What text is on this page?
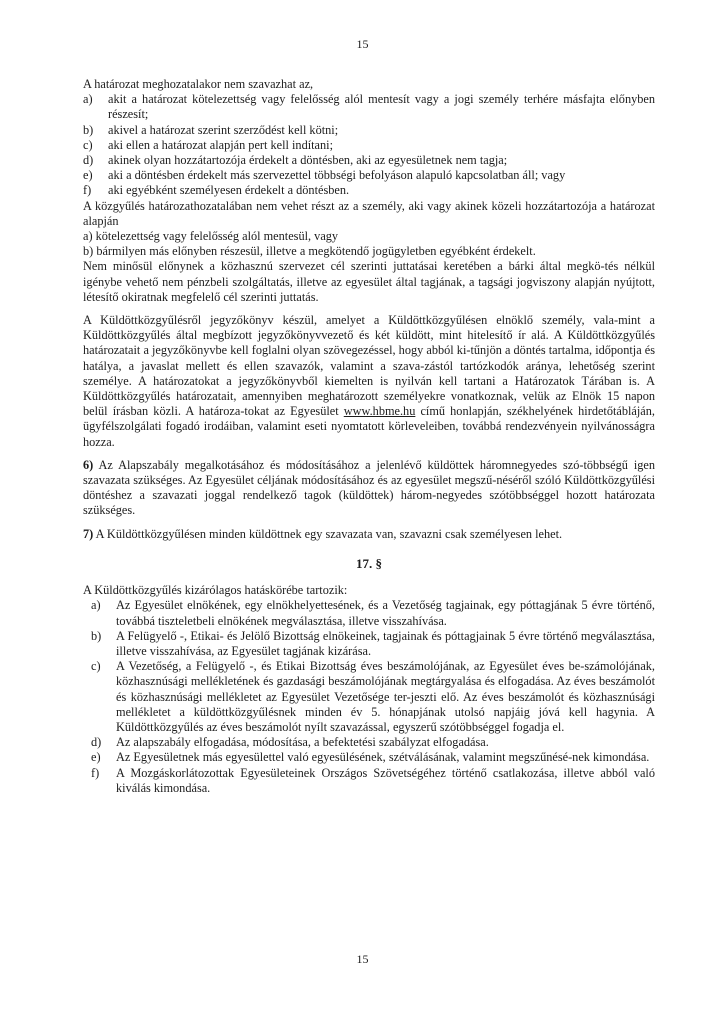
15

A határozat meghozatalakor nem szavazhat az,

a)	akit a határozat kötelezettség vagy felelősség alól mentesít vagy a jogi személy terhére másfajta előnyben részesít;
b)	akivel a határozat szerint szerződést kell kötni;
c)	aki ellen a határozat alapján pert kell indítani;
d)	akinek olyan hozzátartozója érdekelt a döntésben, aki az egyesületnek nem tagja;
e)	aki a döntésben érdekelt más szervezettel többségi befolyáson alapuló kapcsolatban áll; vagy
f)	aki egyébként személyesen érdekelt a döntésben.

A közgyűlés határozathozatalában nem vehet részt az a személy, aki vagy akinek közeli hozzátartozója a határozat alapján

a) kötelezettség vagy felelősség alól mentesül, vagy

b) bármilyen más előnyben részesül, illetve a megkötendő jogügyletben egyébként érdekelt.

Nem minősül előnynek a közhasznú szervezet cél szerinti juttatásai keretében a bárki által megkö-tés nélkül igénybe vehető nem pénzbeli szolgáltatás, illetve az egyesület által tagjának, a tagsági jogviszony alapján nyújtott, létesítő okiratnak megfelelő cél szerinti juttatás.

A Küldöttközgyűlésről jegyzőkönyv készül, amelyet a Küldöttközgyűlésen elnöklő személy, vala-mint a Küldöttközgyűlés által megbízott jegyzőkönyvvezető és két küldött, mint hitelesítő ír alá. A Küldöttközgyűlés határozatait a jegyzőkönyvbe kell foglalni olyan szövegezéssel, hogy abból ki-tűnjön a döntés tartalma, időpontja és hatálya, a javaslat mellett és ellen szavazók, valamint a szava-zástól tartózkodók aránya, lehetőség szerint személye. A határozatokat a jegyzőkönyvből kiemelten is nyilván kell tartani a Határozatok Tárában is. A Küldöttközgyűlés határozatait, amennyiben meghatározott személyekre vonatkoznak, velük az Elnök 15 napon belül írásban közli. A határoza-tokat az Egyesület www.hbme.hu című honlapján, székhelyének hirdetőtábláján, ügyfélszolgálati fogadó irodáiban, valamint eseti nyomtatott körleveleiben, továbbá rendezvényein nyilvánosságra hozza.

6) Az Alapszabály megalkotásához és módosításához a jelenlévő küldöttek háromnegyedes szó-többségű igen szavazata szükséges. Az Egyesület céljának módosításához és az egyesület megszű-néséről szóló Küldöttközgyűlési döntéshez a szavazati joggal rendelkező tagok (küldöttek) három-negyedes szótöbbséggel hozott határozata szükséges.

7) A Küldöttközgyűlésen minden küldöttnek egy szavazata van, szavazni csak személyesen lehet.

17. §

A Küldöttközgyűlés kizárólagos hatáskörébe tartozik:

a)	Az Egyesület elnökének, egy elnökhelyettesének, és a Vezetőség tagjainak, egy póttagjának 5 évre történő, továbbá tiszteletbeli elnökének megválasztása, illetve visszahívása.
b)	A Felügyelő -, Etikai- és Jelölő Bizottság elnökeinek, tagjainak és póttagjainak 5 évre történő megválasztása, illetve visszahívása, az Egyesület tagjának kizárása.
c)	A Vezetőség, a Felügyelő -, és Etikai Bizottság éves beszámolójának, az Egyesület éves be-számolójának, közhasznúsági mellékletének és gazdasági beszámolójának megtárgyalása és elfogadása. Az éves beszámolót és közhasznúsági mellékletet az Egyesület Vezetősége ter-jeszti elő. Az éves beszámolót és közhasznúsági mellékletet a küldöttközgyűlésnek minden év 5. hónapjának utolsó napjáig jóvá kell hagynia. A Küldöttközgyűlés az éves beszámolót nyílt szavazással, egyszerű szótöbbséggel fogadja el.
d)	Az alapszabály elfogadása, módosítása, a befektetési szabályzat elfogadása.
e)	Az Egyesületnek más egyesülettel való egyesülésének, szétválásának, valamint megszűnésé-nek kimondása.
f)	A Mozgáskorlátozottak Egyesületeinek Országos Szövetségéhez történő csatlakozása, illetve abból való kiválás kimondása.
15
